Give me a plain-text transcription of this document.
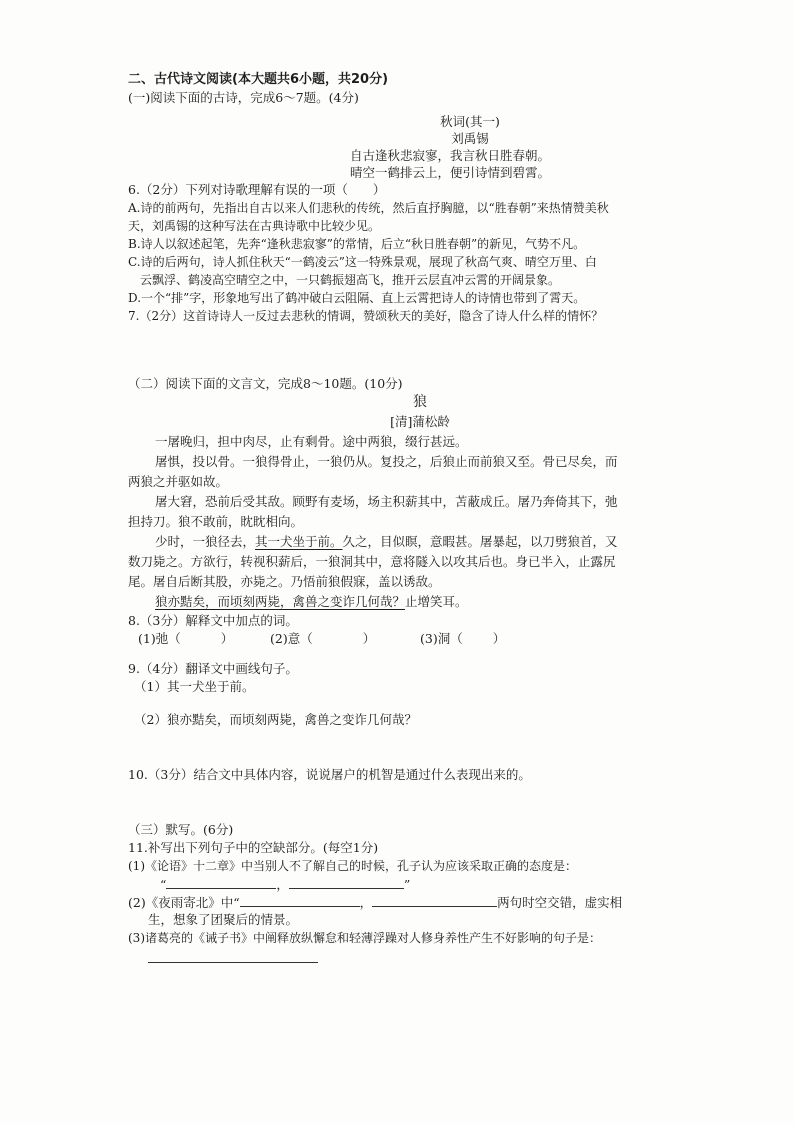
二、古代诗文阅读(本大题共6小题，共20分)
(一)阅读下面的古诗，完成6～7题。(4分)
秋词(其一)
刘禹锡
自古逢秋悲寂寥，我言秋日胜春朝。
晴空一鹤排云上，便引诗情到碧霄。
6.（2分）下列对诗歌理解有误的一项（　　）
A.诗的前两句，先指出自古以来人们悲秋的传统，然后直抒胸臆，以“胜春朝”来热情赞美秋
天，刘禹锡的这种写法在古典诗歌中比较少见。
B.诗人以叙述起笔，先奔“逢秋悲寂寥”的常情，后立“秋日胜春朝”的新见，气势不凡。
C.诗的后两句，诗人抓住秋天“一鹤凌云”这一特殊景观，展现了秋高气爽、晴空万里、白
云飘浮、鹤凌高空晴空之中，一只鹤振翅高飞，推开云层直冲云霄的开阔景象。
D.一个“排”字，形象地写出了鹤冲破白云阻隔、直上云霄把诗人的诗情也带到了霄天。
7.（2分）这首诗诗人一反过去悲秋的情调，赞颂秋天的美好，隐含了诗人什么样的情怀？
（二）阅读下面的文言文，完成8～10题。(10分)
狼
[清]蒲松龄
一屠晚归，担中肉尽，止有剩骨。途中两狼，缀行甚远。
屠惧，投以骨。一狼得骨止，一狼仍从。复投之，后狼止而前狼又至。骨已尽矣，而
两狼之并驱如故。
屠大窘，恐前后受其敌。顾野有麦场，场主积薪其中，苫蔽成丘。屠乃奔倚其下，弛
担持刀。狼不敢前，眈眈相向。
少时，一狼径去，其一犬坐于前。久之，目似瞑，意暇甚。屠暴起，以刀劈狼首，又
数刀毙之。方欲行，转视积薪后，一狼洞其中，意将隧入以攻其后也。身已半入，止露尻
尾。屠自后断其股，亦毙之。乃悟前狼假寐，盖以诱敌。
狼亦黠矣，而顷刻两毙，禽兽之变诈几何哉？止增笑耳。
8.（3分）解释文中加点的词。
(1)弛（	）	(2)意（	）	(3)洞（ ）
9.（4分）翻译文中画线句子。
（1）其一犬坐于前。
（2）狼亦黠矣，而顷刻两毙，禽兽之变诈几何哉？
10.（3分）结合文中具体内容，说说屠户的机智是通过什么表现出来的。
（三）默写。(6分)
11.补写出下列句子中的空缺部分。(每空1分)
(1)《论语》十二章》中当别人不了解自己的时候，孔子认为应该采取正确的态度是：
“	，	”
(2)《夜雨寄北》中“	，	两句时空交错，虚实相
生，想象了团聚后的情景。
(3)诸葛亮的《诫子书》中阐释放纵懈怠和轻薄浮躁对人修身养性产生不好影响的句子是：
